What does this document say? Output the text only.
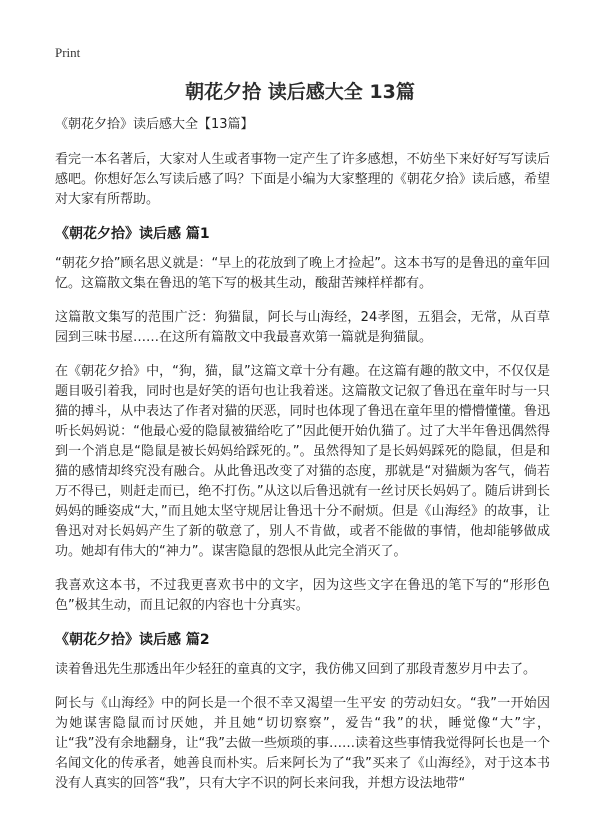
Print
朝花夕拾 读后感大全 13篇

《朝花夕拾》读后感大全【13篇】

看完一本名著后，大家对人生或者事物一定产生了许多感想，不妨坐下来好好写写读后感吧。你想好怎么写读后感了吗？下面是小编为大家整理的《朝花夕拾》读后感，希望对大家有所帮助。

《朝花夕拾》读后感 篇1

“朝花夕拾”顾名思义就是：“早上的花放到了晚上才捡起”。这本书写的是鲁迅的童年回忆。这篇散文集在鲁迅的笔下写的极其生动，酸甜苦辣样样都有。

这篇散文集写的范围广泛：狗猫鼠，阿长与山海经，24孝图，五猖会，无常，从百草园到三味书屋……在这所有篇散文中我最喜欢第一篇就是狗猫鼠。

在《朝花夕拾》中，“狗，猫，鼠”这篇文章十分有趣。在这篇有趣的散文中，不仅仅是题目吸引着我，同时也是好笑的语句也让我着迷。这篇散文记叙了鲁迅在童年时与一只猫的搏斗，从中表达了作者对猫的厌恶，同时也体现了鲁迅在童年里的懵懵懂懂。鲁迅听长妈妈说：“他最心爱的隐鼠被猫给吃了”因此便开始仇猫了。过了大半年鲁迅偶然得到一个消息是“隐鼠是被长妈妈给踩死的。”。虽然得知了是长妈妈踩死的隐鼠，但是和猫的感情却终究没有融合。从此鲁迅改变了对猫的态度，那就是“对猫颇为客气，倘若万不得已，则赶走而已，绝不打伤。”从这以后鲁迅就有一丝讨厌长妈妈了。随后讲到长妈妈的睡姿成“大，”而且她太坚守规居让鲁迅十分不耐烦。但是《山海经》的故事，让鲁迅对对长妈妈产生了新的敬意了，别人不肯做，或者不能做的事情，他却能够做成功。她却有伟大的“神力”。谋害隐鼠的怨恨从此完全消灭了。

我喜欢这本书，不过我更喜欢书中的文字，因为这些文字在鲁迅的笔下写的“形形色色”极其生动，而且记叙的内容也十分真实。

《朝花夕拾》读后感 篇2

读着鲁迅先生那透出年少轻狂的童真的文字，我仿佛又回到了那段青葱岁月中去了。

阿长与《山海经》中的阿长是一个很不幸又渴望一生平安 的劳动妇女。“我”一开始因为她谋害隐鼠而讨厌她，并且她“切切察察”，爱告“我”的状，睡觉像“大”字，让“我”没有余地翻身，让“我”去做一些烦琐的事……读着这些事情我觉得阿长也是一个名闻文化的传承者，她善良而朴实。后来阿长为了“我”买来了《山海经》，对于这本书没有人真实的回答“我”，只有大字不识的阿长来问我，并想方设法地带“
